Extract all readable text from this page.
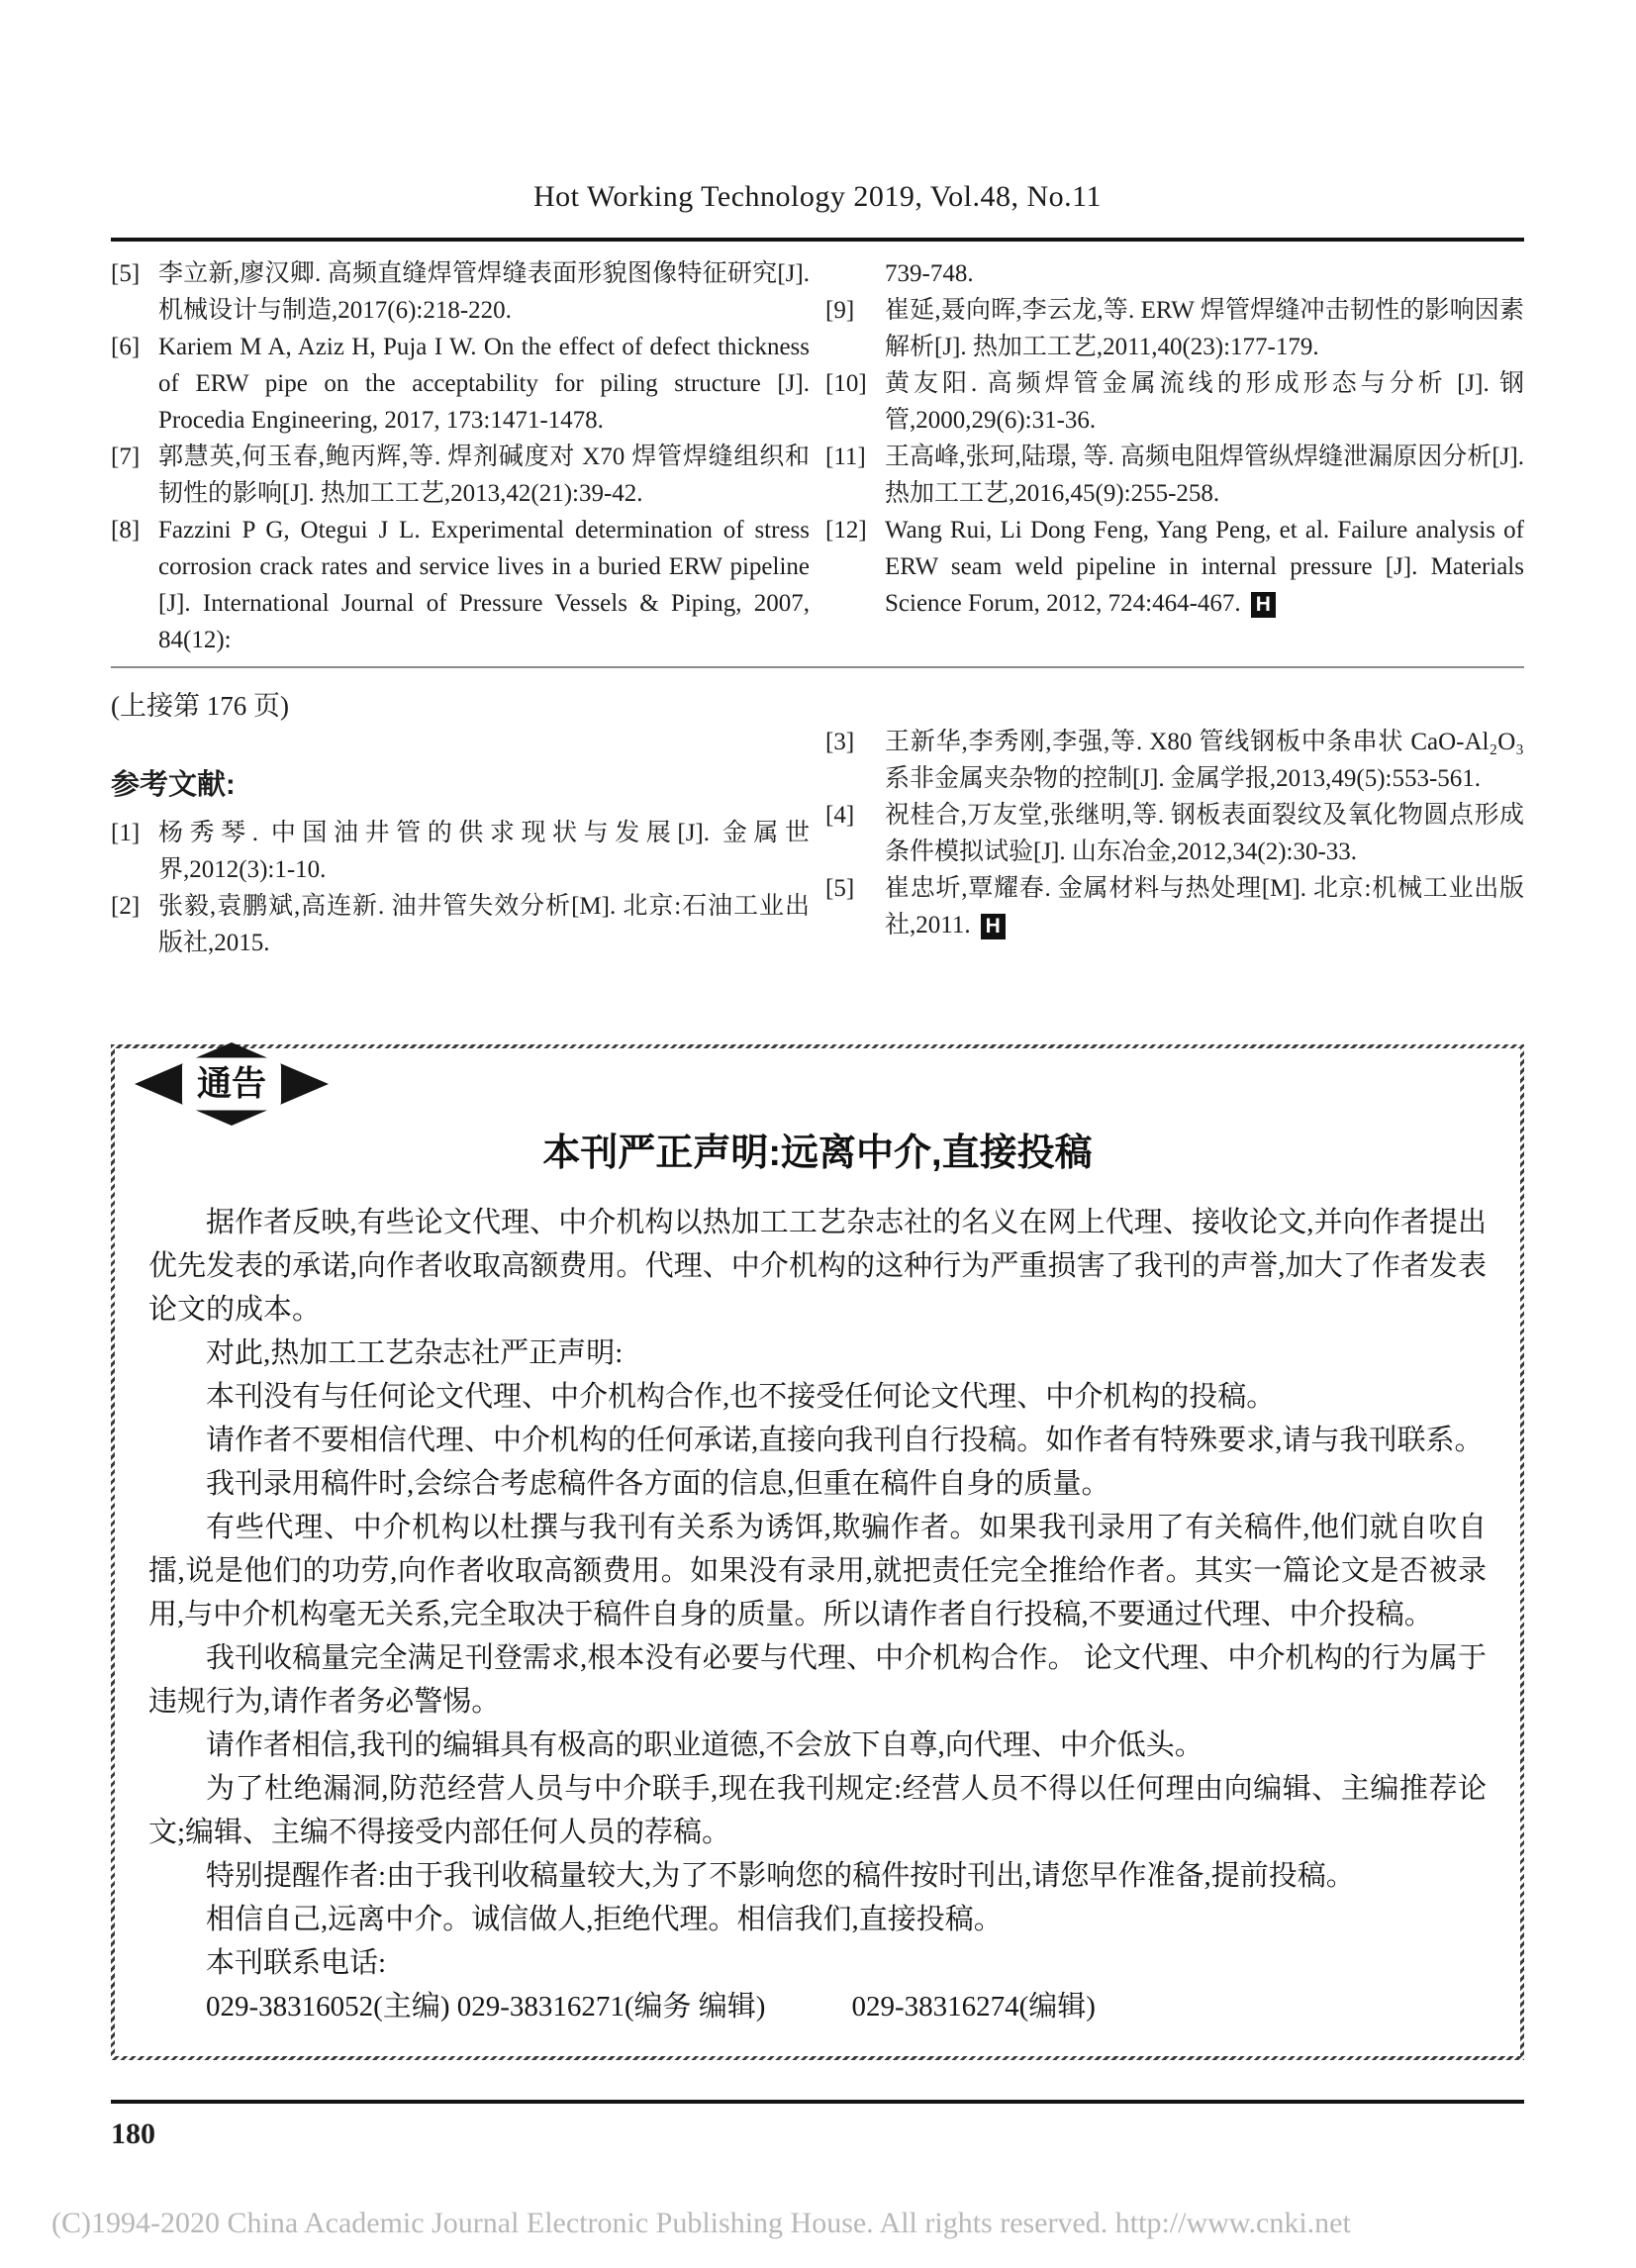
Hot Working Technology 2019, Vol.48, No.11
[5] 李立新,廖汉卿. 高频直缝焊管焊缝表面形貌图像特征研究[J]. 机械设计与制造,2017(6):218-220.
[6] Kariem M A, Aziz H, Puja I W. On the effect of defect thickness of ERW pipe on the acceptability for piling structure [J]. Procedia Engineering, 2017, 173:1471-1478.
[7] 郭慧英,何玉春,鲍丙辉,等. 焊剂碱度对 X70 焊管焊缝组织和韧性的影响[J]. 热加工工艺,2013,42(21):39-42.
[8] Fazzini P G, Otegui J L. Experimental determination of stress corrosion crack rates and service lives in a buried ERW pipeline [J]. International Journal of Pressure Vessels & Piping, 2007, 84(12):
739-748.
[9]	崔延,聂向晖,李云龙,等. ERW 焊管焊缝冲击韧性的影响因素解析[J]. 热加工工艺,2011,40(23):177-179.
[10] 黄友阳. 高频焊管金属流线的形成形态与分析 [J]. 钢管,2000,29(6):31-36.
[11] 王高峰,张珂,陆璟, 等. 高频电阻焊管纵焊缝泄漏原因分析[J]. 热加工工艺,2016,45(9):255-258.
[12] Wang Rui, Li Dong Feng, Yang Peng, et al. Failure analysis of ERW seam weld pipeline in internal pressure [J]. Materials Science Forum, 2012, 724:464-467. H
(上接第 176 页)
参考文献:
[1] 杨秀琴. 中国油井管的供求现状与发展[J]. 金属世界,2012(3):1-10.
[2] 张毅,袁鹏斌,高连新. 油井管失效分析[M]. 北京:石油工业出版社,2015.
[3]	王新华,李秀刚,李强,等. X80 管线钢板中条串状 CaO-Al₂O₃ 系非金属夹杂物的控制[J]. 金属学报,2013,49(5):553-561.
[4]	祝桂合,万友堂,张继明,等. 钢板表面裂纹及氧化物圆点形成条件模拟试验[J]. 山东冶金,2012,34(2):30-33.
[5]	崔忠圻,覃耀春. 金属材料与热处理[M]. 北京:机械工业出版社,2011. H
通告
本刊严正声明:远离中介,直接投稿

据作者反映,有些论文代理、中介机构以热加工工艺杂志社的名义在网上代理、接收论文,并向作者提出优先发表的承诺,向作者收取高额费用。代理、中介机构的这种行为严重损害了我刊的声誉,加大了作者发表论文的成本。

对此,热加工工艺杂志社严正声明:

本刊没有与任何论文代理、中介机构合作,也不接受任何论文代理、中介机构的投稿。

请作者不要相信代理、中介机构的任何承诺,直接向我刊自行投稿。如作者有特殊要求,请与我刊联系。

我刊录用稿件时,会综合考虑稿件各方面的信息,但重在稿件自身的质量。

有些代理、中介机构以杜撰与我刊有关系为诱饵,欺骗作者。如果我刊录用了有关稿件,他们就自吹自擂,说是他们的功劳,向作者收取高额费用。如果没有录用,就把责任完全推给作者。其实一篇论文是否被录用,与中介机构毫无关系,完全取决于稿件自身的质量。所以请作者自行投稿,不要通过代理、中介投稿。

我刊收稿量完全满足刊登需求,根本没有必要与代理、中介机构合作。 论文代理、中介机构的行为属于违规行为,请作者务必警惕。

请作者相信,我刊的编辑具有极高的职业道德,不会放下自尊,向代理、中介低头。

为了杜绝漏洞,防范经营人员与中介联手,现在我刊规定:经营人员不得以任何理由向编辑、主编推荐论文;编辑、主编不得接受内部任何人员的荐稿。

特别提醒作者:由于我刊收稿量较大,为了不影响您的稿件按时刊出,请您早作准备,提前投稿。

相信自己,远离中介。诚信做人,拒绝代理。相信我们,直接投稿。

本刊联系电话:

029-38316052(主编) 029-38316271(编务 编辑)　　　029-38316274(编辑)

180
(C)1994-2020 China Academic Journal Electronic Publishing House. All rights reserved. http://www.cnki.net
